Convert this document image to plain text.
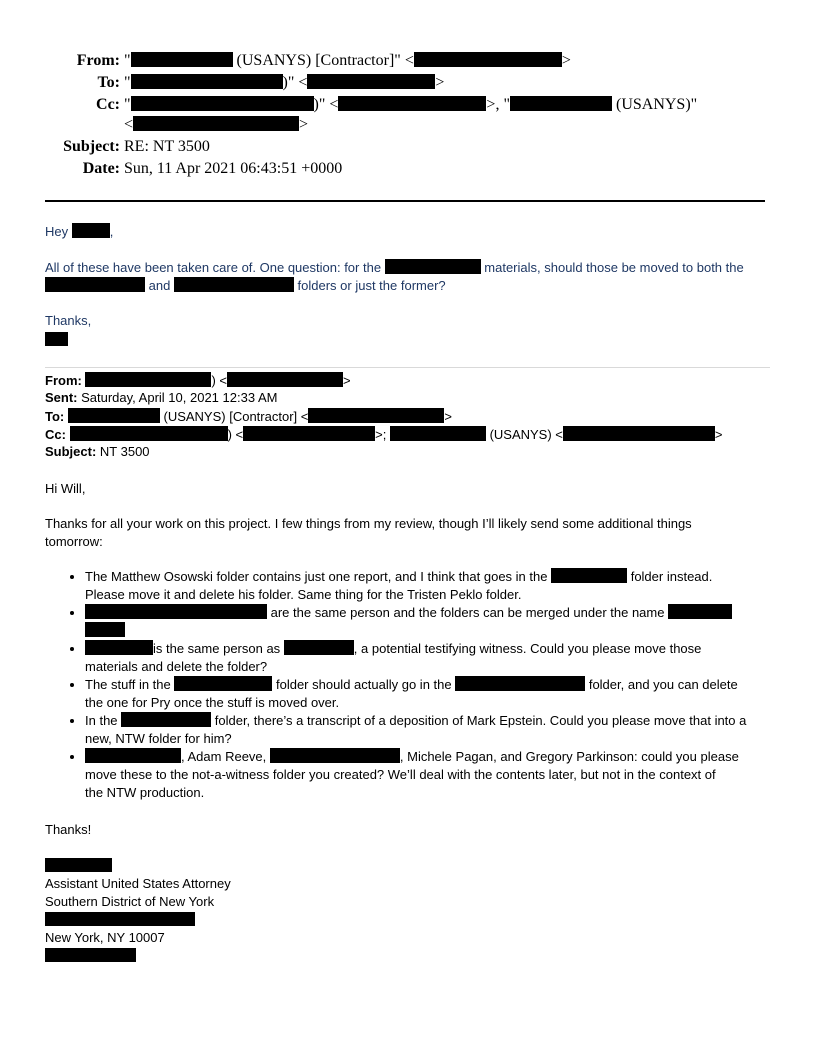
From: "	(USANYS) [Contractor]" <	>
To: "	)" <	>
Cc: "	)" <	>, "	(USANYS)"
<	>
Subject: RE: NT 3500
Date: Sun, 11 Apr 2021 06:43:51 +0000
Hey	,
All of these have been taken care of. One question: for the	materials, should those be moved to both the
and	folders or just the former?
Thanks,
From:	) <	>
Sent: Saturday, April 10, 2021 12:33 AM
To:	(USANYS) [Contractor] <	>
Cc:	) <	>;	(USANYS) <	>
Subject: NT 3500
Hi Will,
Thanks for all your work on this project. I few things from my review, though I’ll likely send some additional things
tomorrow:
• The Matthew Osowski folder contains just one report, and I think that goes in the	folder instead.
Please move it and delete his folder. Same thing for the Tristen Peklo folder.
• are the same person and the folders can be merged under the name

• is the same person as	, a potential testifying witness. Could you please move those
materials and delete the folder?
• The stuff in the	folder should actually go in the	folder, and you can delete
the one for Pry once the stuff is moved over.
• In the	folder, there’s a transcript of a deposition of Mark Epstein. Could you please move that into a
new, NTW folder for him?
• , Adam Reeve,	, Michele Pagan, and Gregory Parkinson: could you please
move these to the not-a-witness folder you created? We’ll deal with the contents later, but not in the context of
the NTW production.
Thanks!
Assistant United States Attorney
Southern District of New York
New York, NY 10007
